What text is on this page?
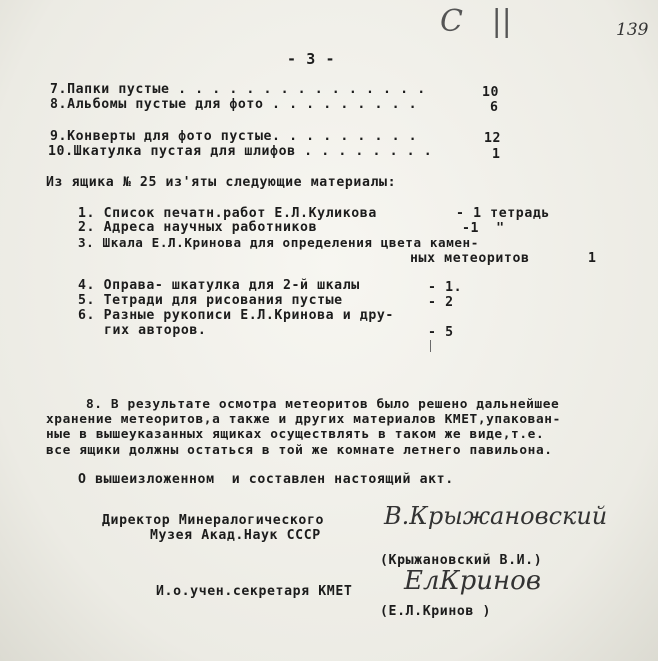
- 3 -
139
C   ||
7.Папки пустые . . . . . . . . . . . . . . .	10
8.Альбомы пустые для фото . . . . . . . . .	6
9.Конверты для фото пустые. . . . . . . . .	12
10.Шкатулка пустая для шлифов . . . . . . . .	1
Из ящика № 25 из'яты следующие материалы:
1. Список печатн.работ Е.Л.Куликова	- 1 тетрадь
2. Адреса научных работников	-1  "
3. Шкала Е.Л.Кринова для определения цвета камен-
ных метеоритов	1
4. Оправа- шкатулка для 2-й шкалы	- 1.
5. Тетради для рисования пустые	- 2
6. Разные рукописи Е.Л.Кринова и дру-
гих авторов.	- 5
8. В результате осмотра метеоритов было решено дальнейшее
хранение метеоритов,а также и других материалов КМЕТ,упакован-
ные в вышеуказанных ящиках осуществлять в таком же виде,т.е.
все ящики должны остаться в той же комнате летнего павильона.
О вышеизложенном  и составлен настоящий акт.
Директор Минералогического
Музея Акад.Наук СССР
В.Крыжановский
(Крыжановский В.И.)
И.о.учен.секретаря КМЕТ ЕлКринов
(Е.Л.Кринов )
